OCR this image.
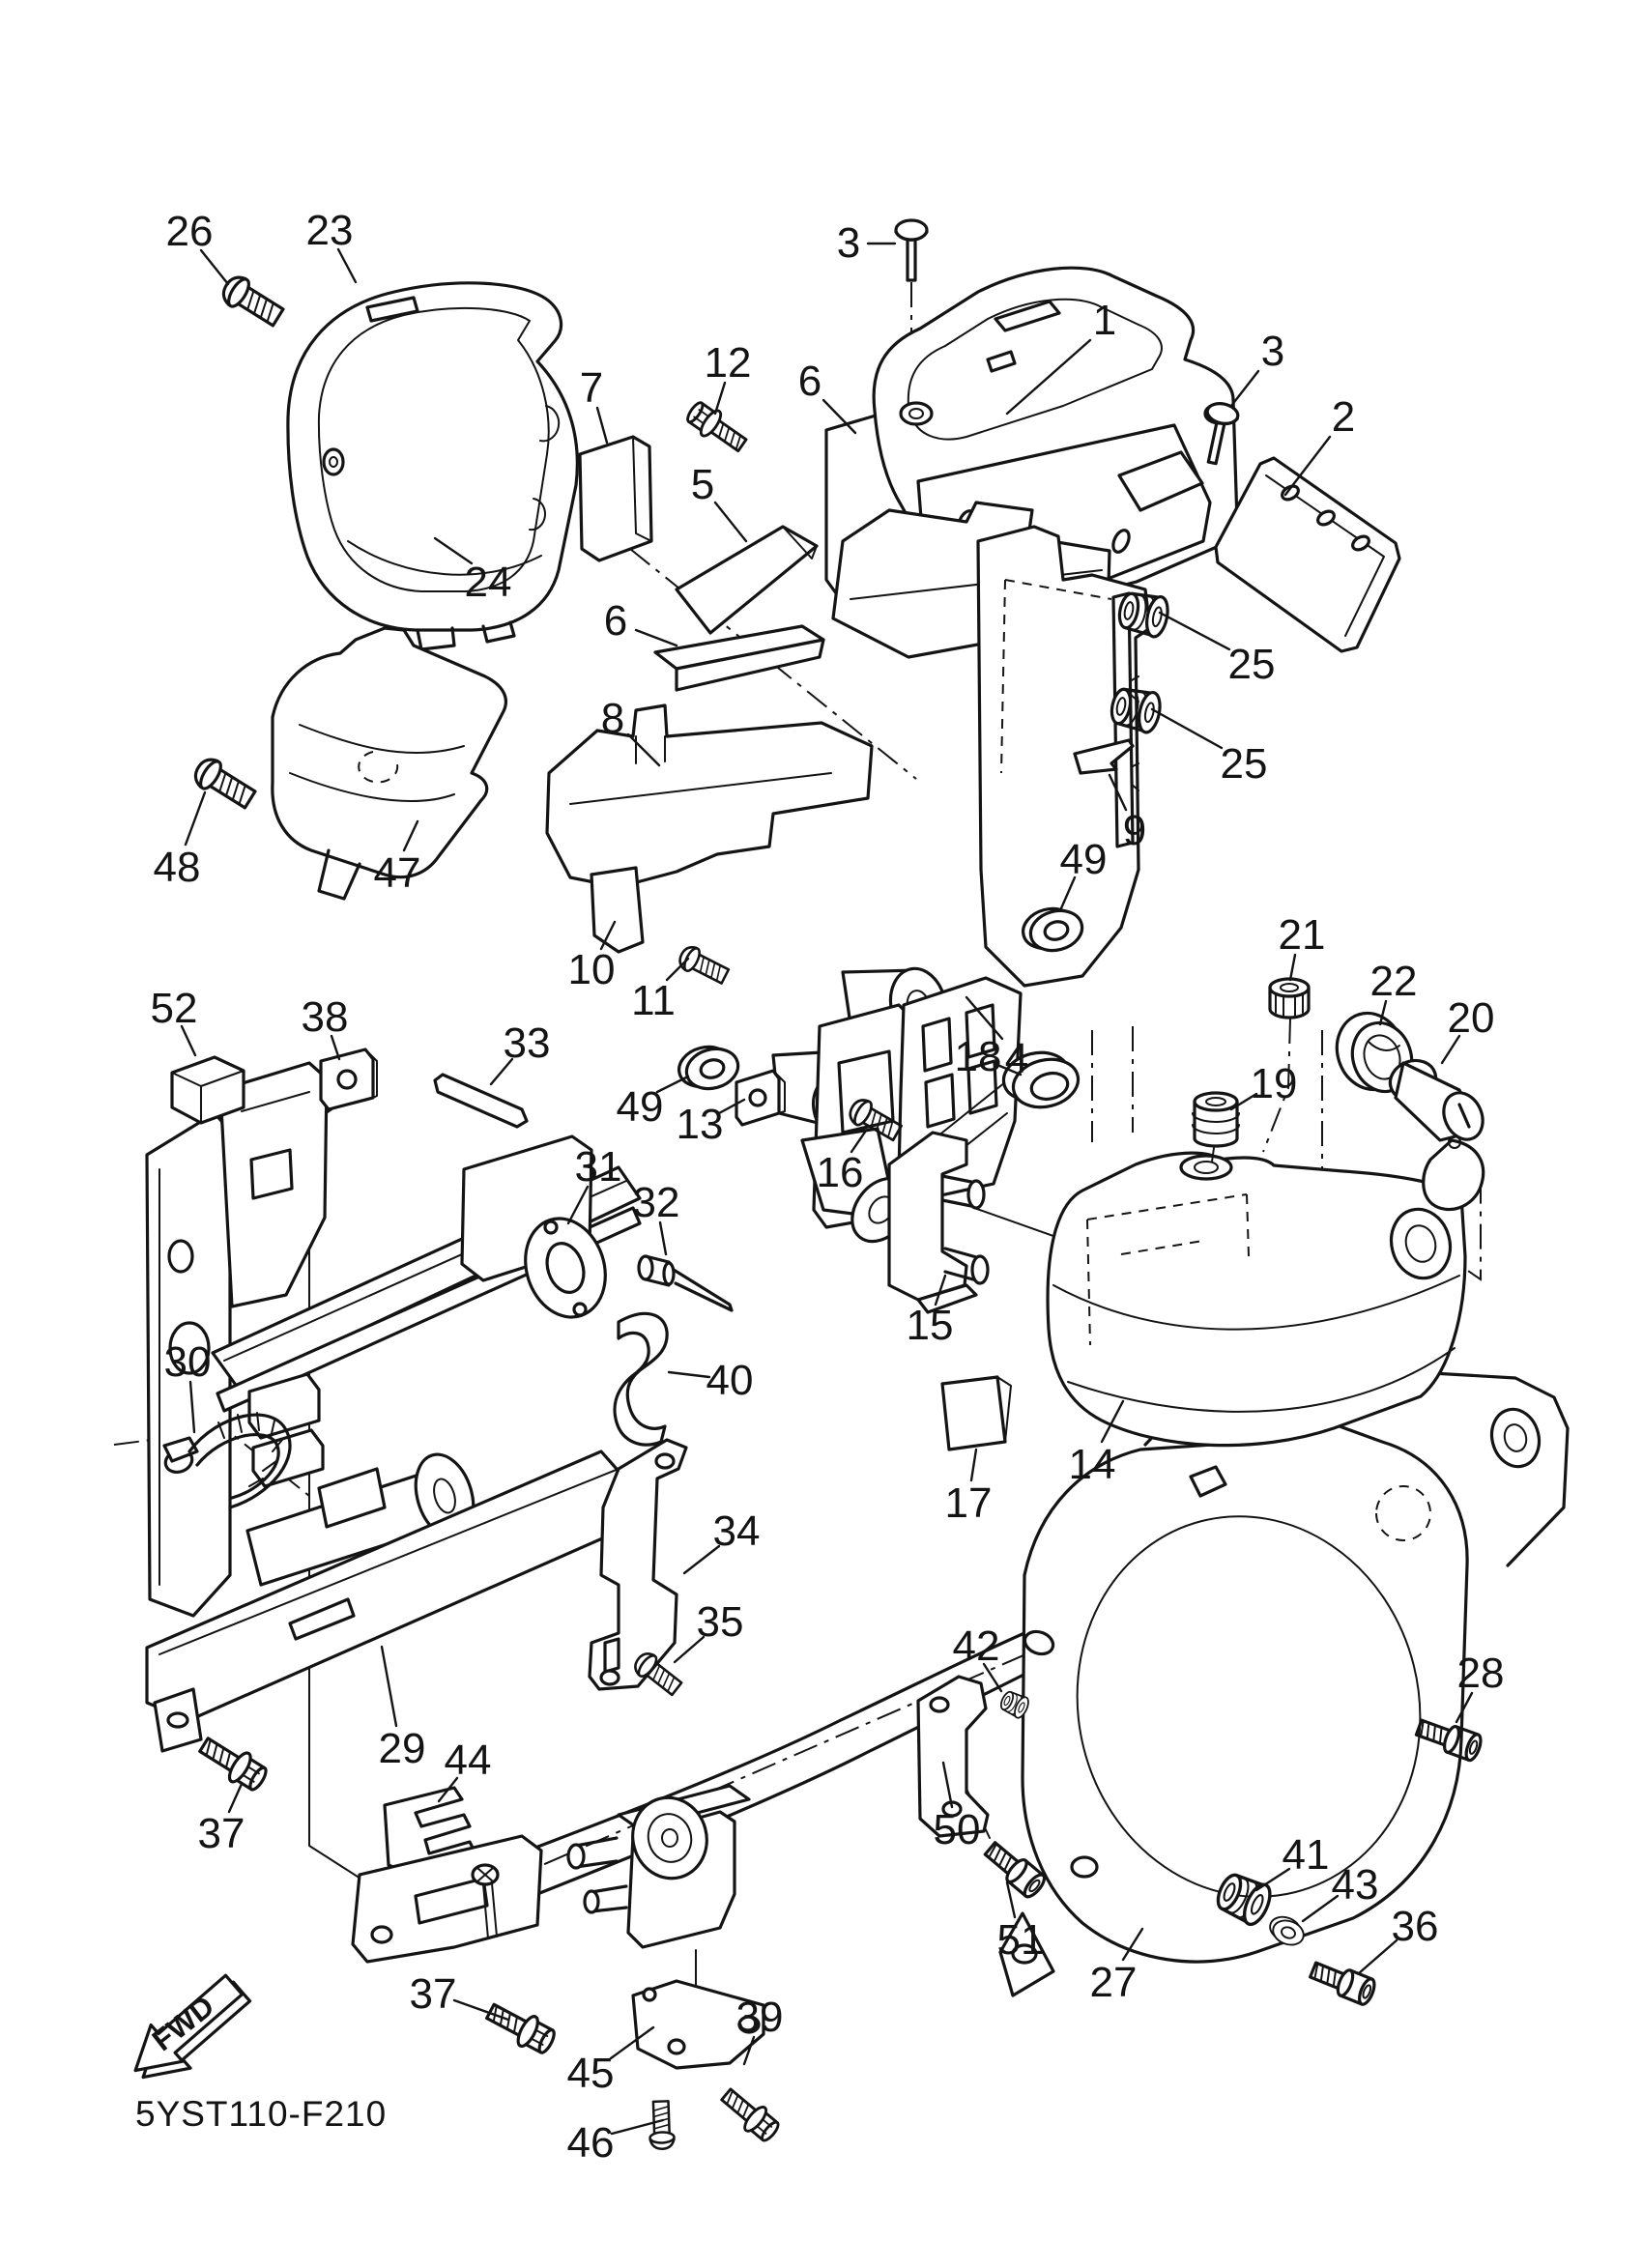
FWD
5YST110-F210
1
2
3
3
4
5
6
6
7
8
9
10
11
12
13
14
15
16
17
18
19
20
21
22
23
24
25
25
26
27
28
29
30
31
32
33
34
35
36
37
37
38
39
40
41
42
43
44
45
46
47
48
49
49
50
51
52
